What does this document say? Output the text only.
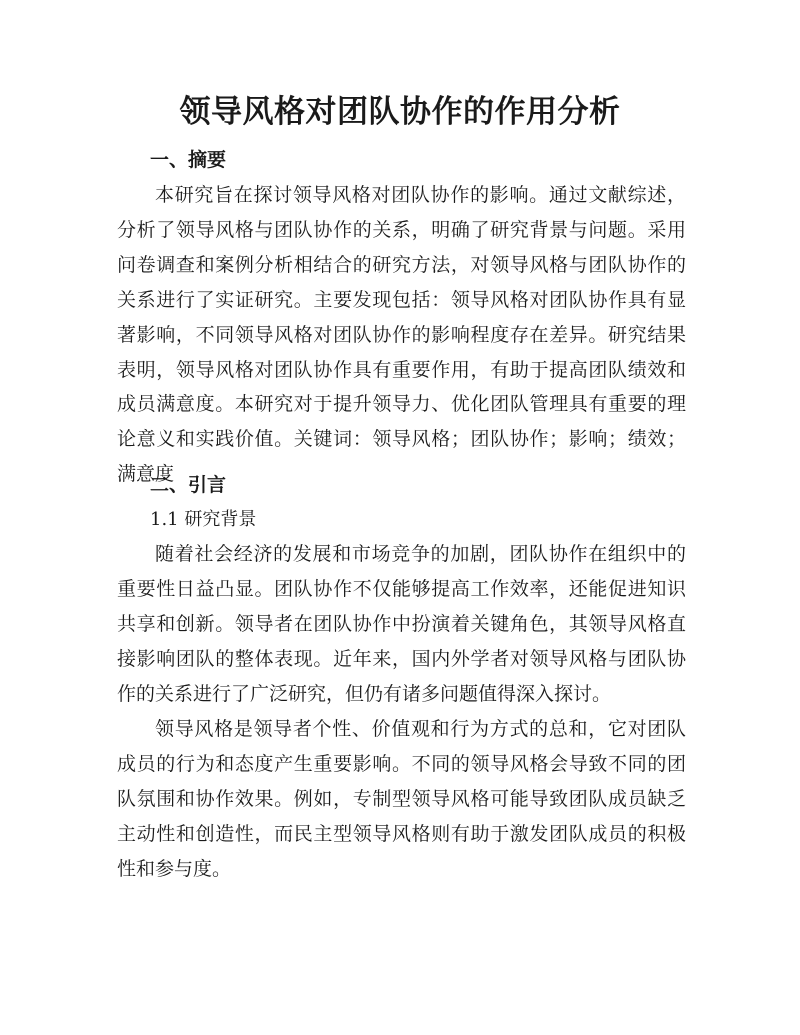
领导风格对团队协作的作用分析
一、摘要
本研究旨在探讨领导风格对团队协作的影响。通过文献综述，分析了领导风格与团队协作的关系，明确了研究背景与问题。采用问卷调查和案例分析相结合的研究方法，对领导风格与团队协作的关系进行了实证研究。主要发现包括：领导风格对团队协作具有显著影响，不同领导风格对团队协作的影响程度存在差异。研究结果表明，领导风格对团队协作具有重要作用，有助于提高团队绩效和成员满意度。本研究对于提升领导力、优化团队管理具有重要的理论意义和实践价值。关键词：领导风格；团队协作；影响；绩效；满意度
二、引言
1.1 研究背景
随着社会经济的发展和市场竞争的加剧，团队协作在组织中的重要性日益凸显。团队协作不仅能够提高工作效率，还能促进知识共享和创新。领导者在团队协作中扮演着关键角色，其领导风格直接影响团队的整体表现。近年来，国内外学者对领导风格与团队协作的关系进行了广泛研究，但仍有诸多问题值得深入探讨。
领导风格是领导者个性、价值观和行为方式的总和，它对团队成员的行为和态度产生重要影响。不同的领导风格会导致不同的团队氛围和协作效果。例如，专制型领导风格可能导致团队成员缺乏主动性和创造性，而民主型领导风格则有助于激发团队成员的积极性和参与度。
